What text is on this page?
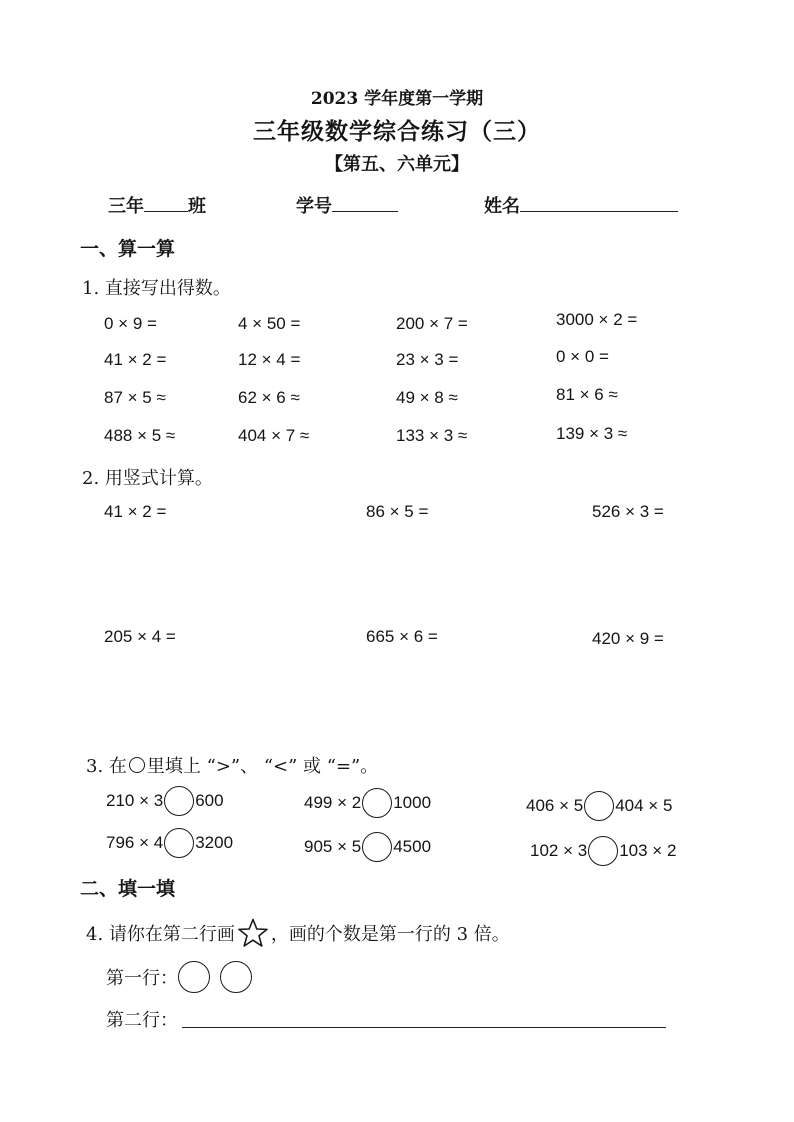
2023 学年度第一学期
三年级数学综合练习（三）
【第五、六单元】
三年 班	学号	姓名
一、算一算
1. 直接写出得数。
0 × 9 =	4 × 50 =	200 × 7 =	3000 × 2 =
41 × 2 =	12 × 4 =	23 × 3 =	0 × 0 =
87 × 5 ≈	62 × 6 ≈	49 × 8 ≈	81 × 6 ≈
488 × 5 ≈	404 × 7 ≈	133 × 3 ≈	139 × 3 ≈
2. 用竖式计算。
41 × 2 =	86 × 5 =	526 × 3 =
205 × 4 =	665 × 6 =	420 × 9 =
3. 在 里填上 “>”、 “<” 或 “=”。
210 × 3 600	499 × 2 1000	406 × 5 404 × 5
796 × 4 3200	905 × 5 4500	102 × 3 103 × 2
二、填一填
4. 请你在第二行画 ，画的个数是第一行的 3 倍。
第一行：
第二行：
